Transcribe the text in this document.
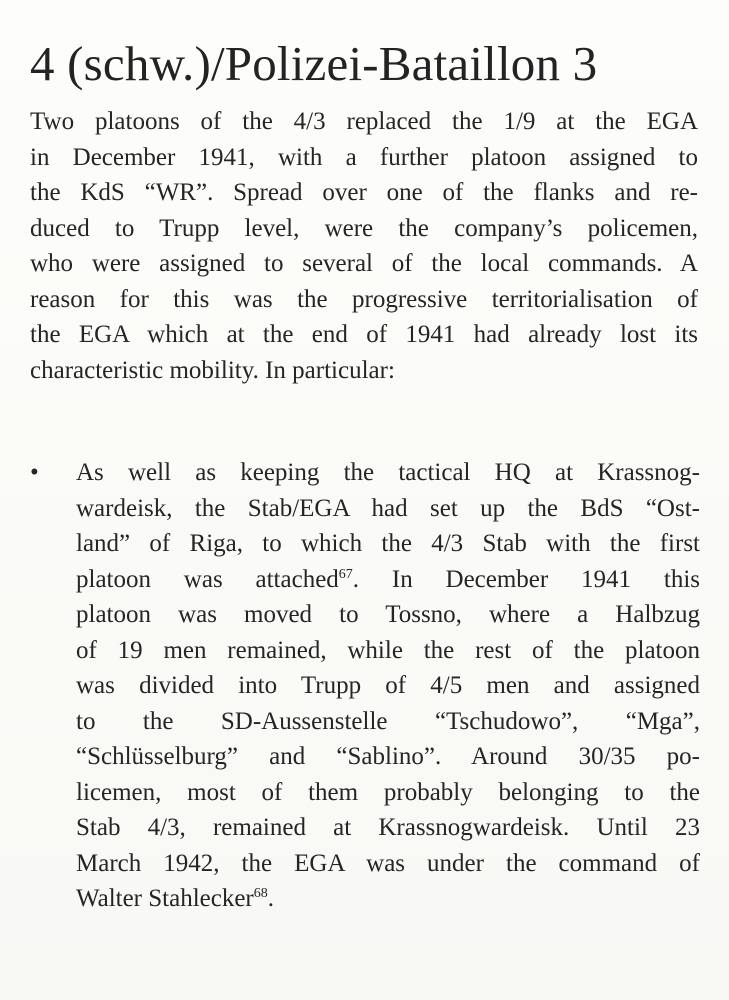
4 (schw.)/Polizei-Bataillon 3
Two platoons of the 4/3 replaced the 1/9 at the EGA
in December 1941, with a further platoon assigned to
the KdS “WR”. Spread over one of the flanks and re-
duced to Trupp level, were the company’s policemen,
who were assigned to several of the local commands. A
reason for this was the progressive territorialisation of
the EGA which at the end of 1941 had already lost its
characteristic mobility. In particular:
• As well as keeping the tactical HQ at Krassnog-
wardeisk, the Stab/EGA had set up the BdS “Ost-
land” of Riga, to which the 4/3 Stab with the first
platoon was attached$^{67}$. In December 1941 this
platoon was moved to Tossno, where a Halbzug
of 19 men remained, while the rest of the platoon
was divided into Trupp of 4/5 men and assigned
to the SD-Aussenstelle “Tschudowo”, “Mga”,
“Schlüsselburg” and “Sablino”. Around 30/35 po-
licemen, most of them probably belonging to the
Stab 4/3, remained at Krassnogwardeisk. Until 23
March 1942, the EGA was under the command of
Walter Stahlecker$^{68}$.
